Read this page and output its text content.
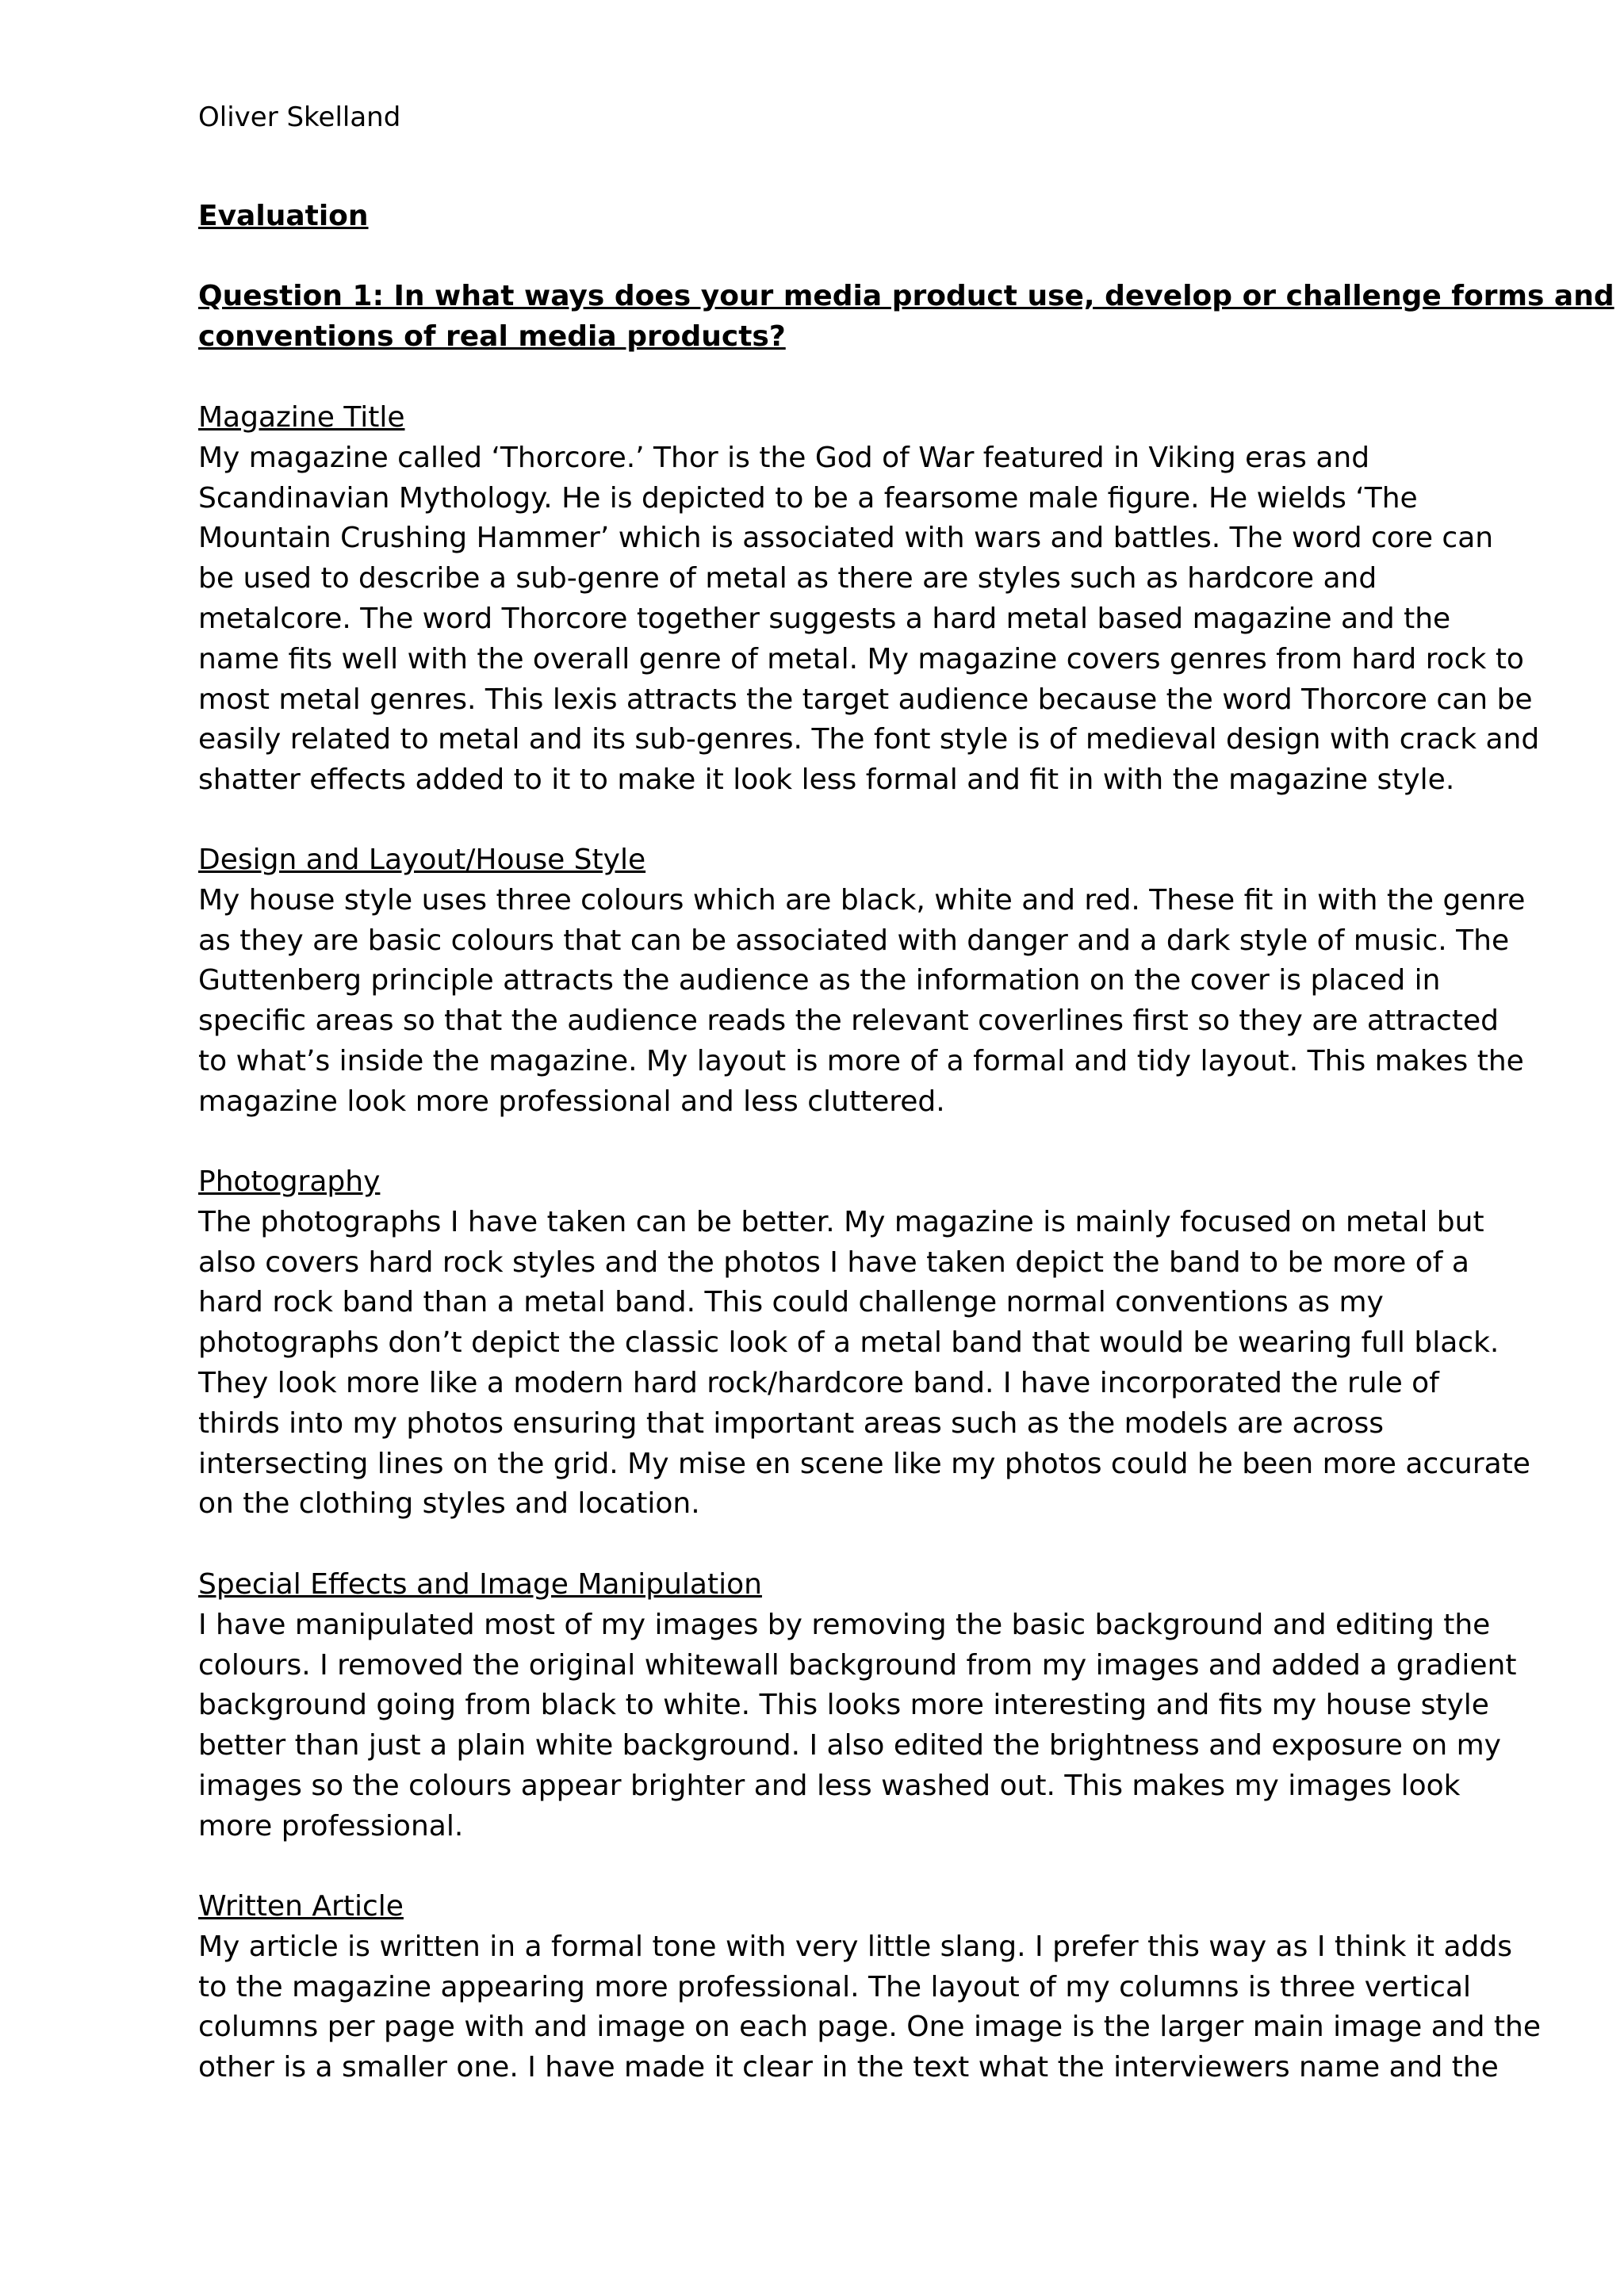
Oliver Skelland
Evaluation
Question 1: In what ways does your media product use, develop or challenge forms and
conventions of real media products?
Magazine Title

My magazine called ‘Thorcore.’ Thor is the God of War featured in Viking eras and
Scandinavian Mythology. He is depicted to be a fearsome male figure. He wields ‘The
Mountain Crushing Hammer’ which is associated with wars and battles. The word core can
be used to describe a sub-genre of metal as there are styles such as hardcore and
metalcore. The word Thorcore together suggests a hard metal based magazine and the
name fits well with the overall genre of metal. My magazine covers genres from hard rock to
most metal genres. This lexis attracts the target audience because the word Thorcore can be
easily related to metal and its sub-genres. The font style is of medieval design with crack and
shatter effects added to it to make it look less formal and fit in with the magazine style.

Design and Layout/House Style

My house style uses three colours which are black, white and red. These fit in with the genre
as they are basic colours that can be associated with danger and a dark style of music. The
Guttenberg principle attracts the audience as the information on the cover is placed in
specific areas so that the audience reads the relevant coverlines first so they are attracted
to what’s inside the magazine. My layout is more of a formal and tidy layout. This makes the
magazine look more professional and less cluttered.

Photography

The photographs I have taken can be better. My magazine is mainly focused on metal but
also covers hard rock styles and the photos I have taken depict the band to be more of a
hard rock band than a metal band. This could challenge normal conventions as my
photographs don’t depict the classic look of a metal band that would be wearing full black.
They look more like a modern hard rock/hardcore band. I have incorporated the rule of
thirds into my photos ensuring that important areas such as the models are across
intersecting lines on the grid. My mise en scene like my photos could he been more accurate
on the clothing styles and location.

Special Effects and Image Manipulation

I have manipulated most of my images by removing the basic background and editing the
colours. I removed the original whitewall background from my images and added a gradient
background going from black to white. This looks more interesting and fits my house style
better than just a plain white background. I also edited the brightness and exposure on my
images so the colours appear brighter and less washed out. This makes my images look
more professional.

Written Article

My article is written in a formal tone with very little slang. I prefer this way as I think it adds
to the magazine appearing more professional. The layout of my columns is three vertical
columns per page with and image on each page. One image is the larger main image and the
other is a smaller one. I have made it clear in the text what the interviewers name and the
